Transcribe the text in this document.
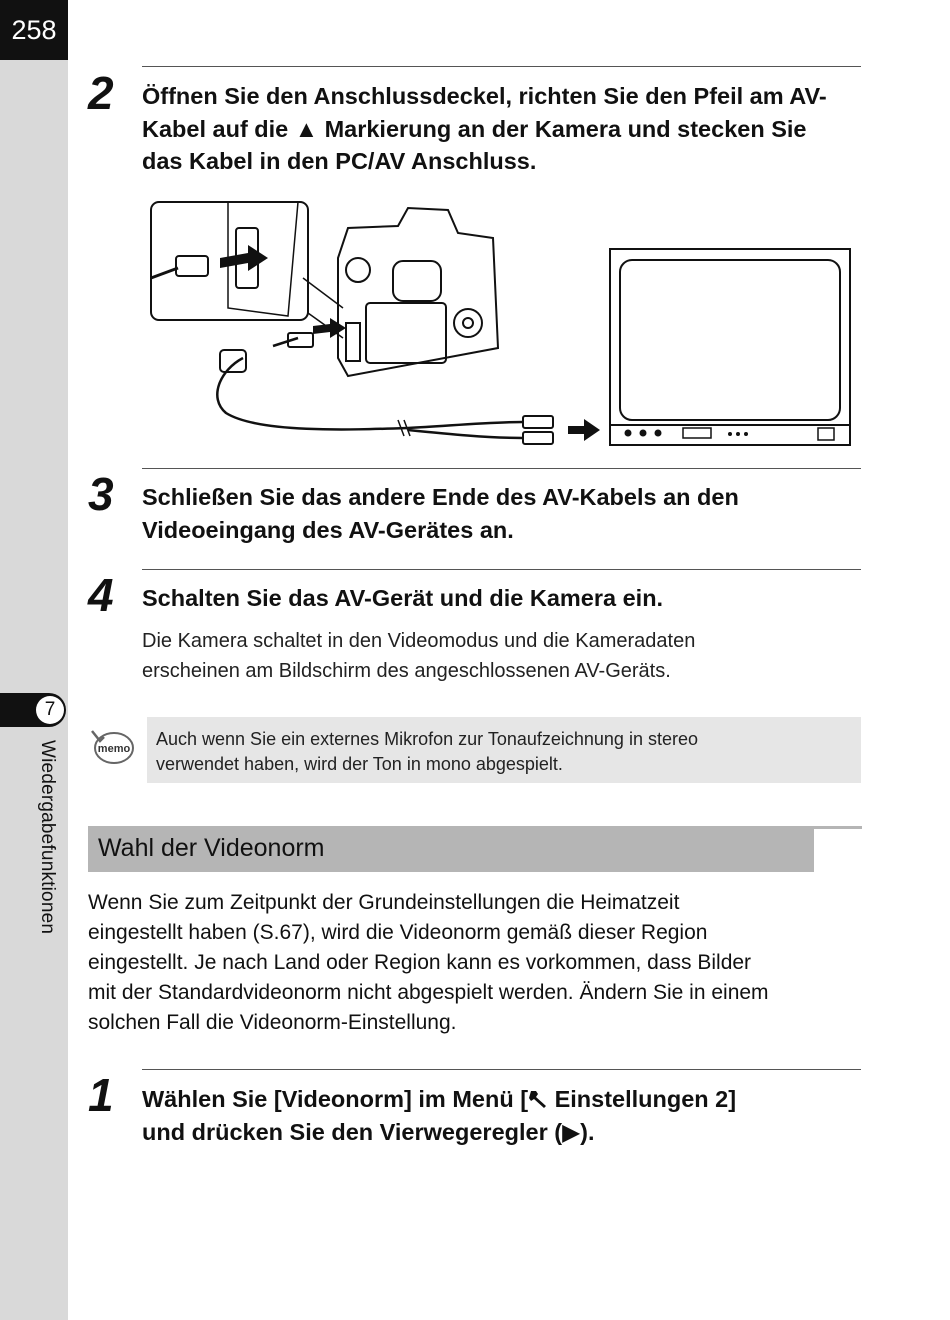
258
7
Wiedergabefunktionen
2 Öffnen Sie den Anschlussdeckel, richten Sie den Pfeil am AV-
Kabel auf die ▲ Markierung an der Kamera und stecken Sie
das Kabel in den PC/AV Anschluss.
3 Schließen Sie das andere Ende des AV-Kabels an den
Videoeingang des AV-Gerätes an.
4 Schalten Sie das AV-Gerät und die Kamera ein.
Die Kamera schaltet in den Videomodus und die Kameradaten
erscheinen am Bildschirm des angeschlossenen AV-Geräts.
memo Auch wenn Sie ein externes Mikrofon zur Tonaufzeichnung in stereo
verwendet haben, wird der Ton in mono abgespielt.
Wahl der Videonorm
Wenn Sie zum Zeitpunkt der Grundeinstellungen die Heimatzeit
eingestellt haben (S.67), wird die Videonorm gemäß dieser Region
eingestellt. Je nach Land oder Region kann es vorkommen, dass Bilder
mit der Standardvideonorm nicht abgespielt werden. Ändern Sie in einem
solchen Fall die Videonorm-Einstellung.
1 Wählen Sie [Videonorm] im Menü [ Einstellungen 2]
und drücken Sie den Vierwegeregler (▶).
